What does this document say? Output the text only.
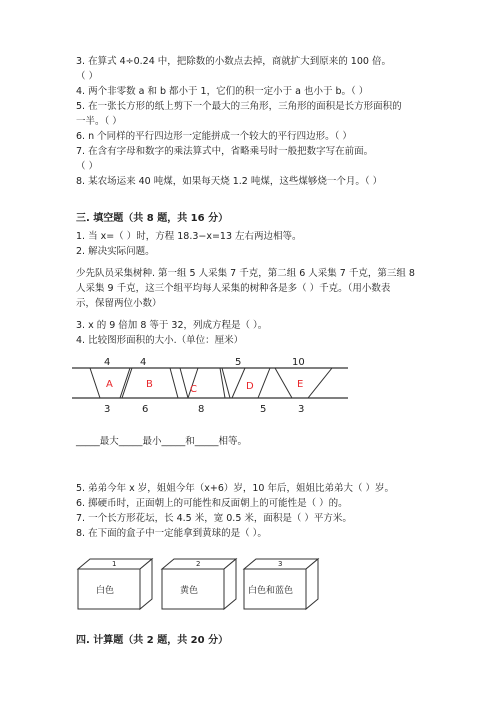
3. 在算式 4÷0.24 中，把除数的小数点去掉，商就扩大到原来的 100 倍。
（ ）
4. 两个非零数 a 和 b 都小于 1，它们的积一定小于 a 也小于 b。（ ）
5. 在一张长方形的纸上剪下一个最大的三角形，三角形的面积是长方形面积的
一半。（ ）
6. n 个同样的平行四边形一定能拼成一个较大的平行四边形。（ ）
7. 在含有字母和数字的乘法算式中，省略乘号时一般把数字写在前面。
（ ）
8. 某农场运来 40 吨煤，如果每天烧 1.2 吨煤，这些煤够烧一个月。（ ）
三. 填空题（共 8 题，共 16 分）
1. 当 x=（ ）时，方程 18.3−x=13 左右两边相等。
2. 解决实际问题。
少先队员采集树种. 第一组 5 人采集 7 千克，第二组 6 人采集 7 千克，第三组 8
人采集 9 千克，这三个组平均每人采集的树种各是多（ ）千克。（用小数表
示，保留两位小数）
3. x 的 9 倍加 8 等于 32，列成方程是（ ）。
4. 比较图形面积的大小.（单位：厘米）
4	4	5	10
A	B	C	D	E
3	6	8	5	3
_____最大_____最小_____和_____相等。
5. 弟弟今年 x 岁，姐姐今年（x+6）岁，10 年后，姐姐比弟弟大（ ）岁。
6. 掷硬币时，正面朝上的可能性和反面朝上的可能性是（ ）的。
7. 一个长方形花坛，长 4.5 米，宽 0.5 米，面积是（ ）平方米。
8. 在下面的盒子中一定能拿到黄球的是（ ）。
1
白色
2
黄色
3
白色和蓝色
四. 计算题（共 2 题，共 20 分）
